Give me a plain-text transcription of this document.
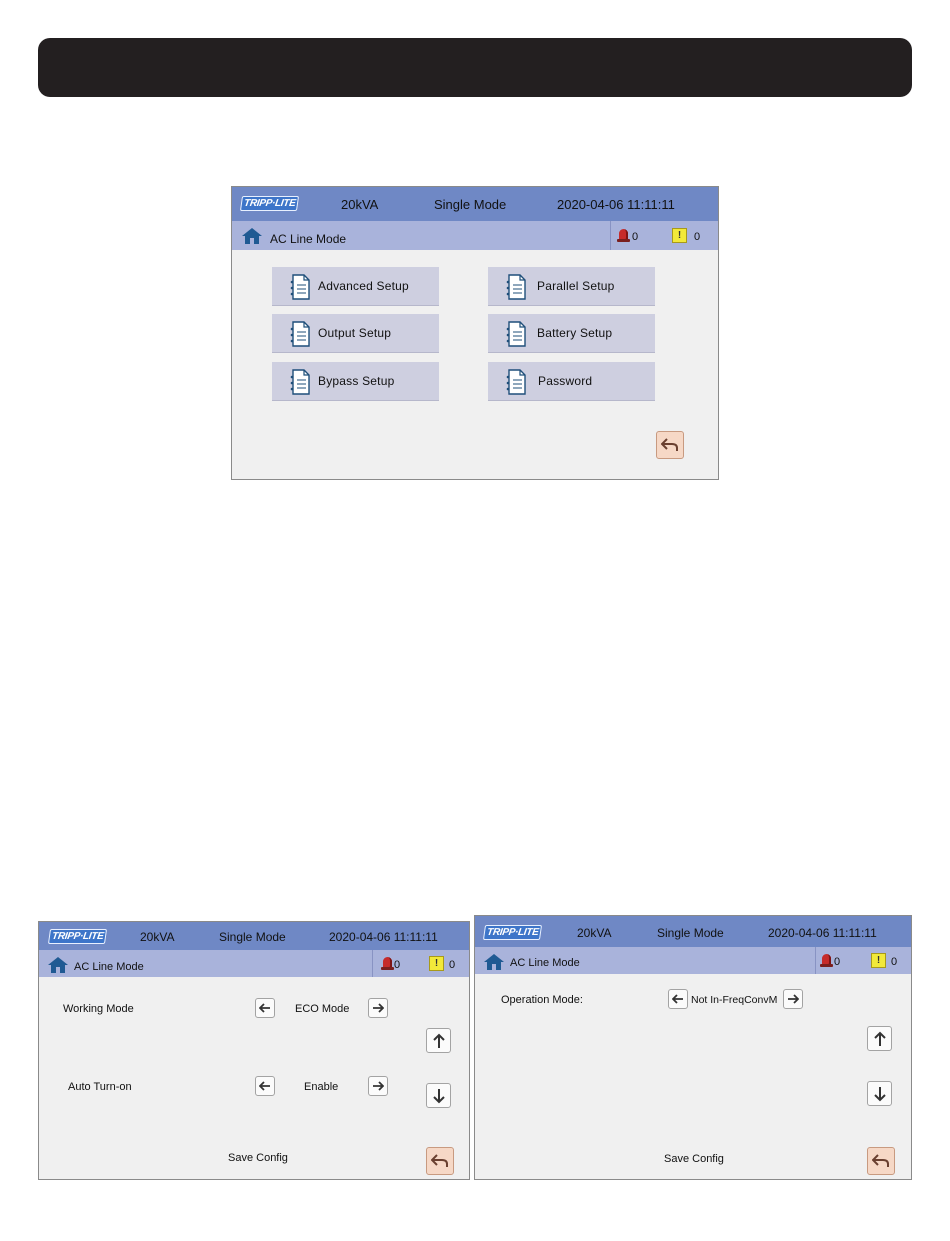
TRIPP·LITE	20kVA	Single Mode	2020-04-06 11:11:11
AC Line Mode	0	!	0
Advanced Setup	Parallel Setup
Output Setup	Battery Setup
Bypass Setup	Password
TRIPP·LITE	20kVA	Single Mode	2020-04-06 11:11:11
AC Line Mode	0	! 0
Working Mode	ECO Mode
Auto Turn-on	Enable
Save Config
TRIPP·LITE	20kVA	Single Mode	2020-04-06 11:11:11
AC Line Mode	0	! 0
Operation Mode:	Not In-FreqConvM
Save Config
